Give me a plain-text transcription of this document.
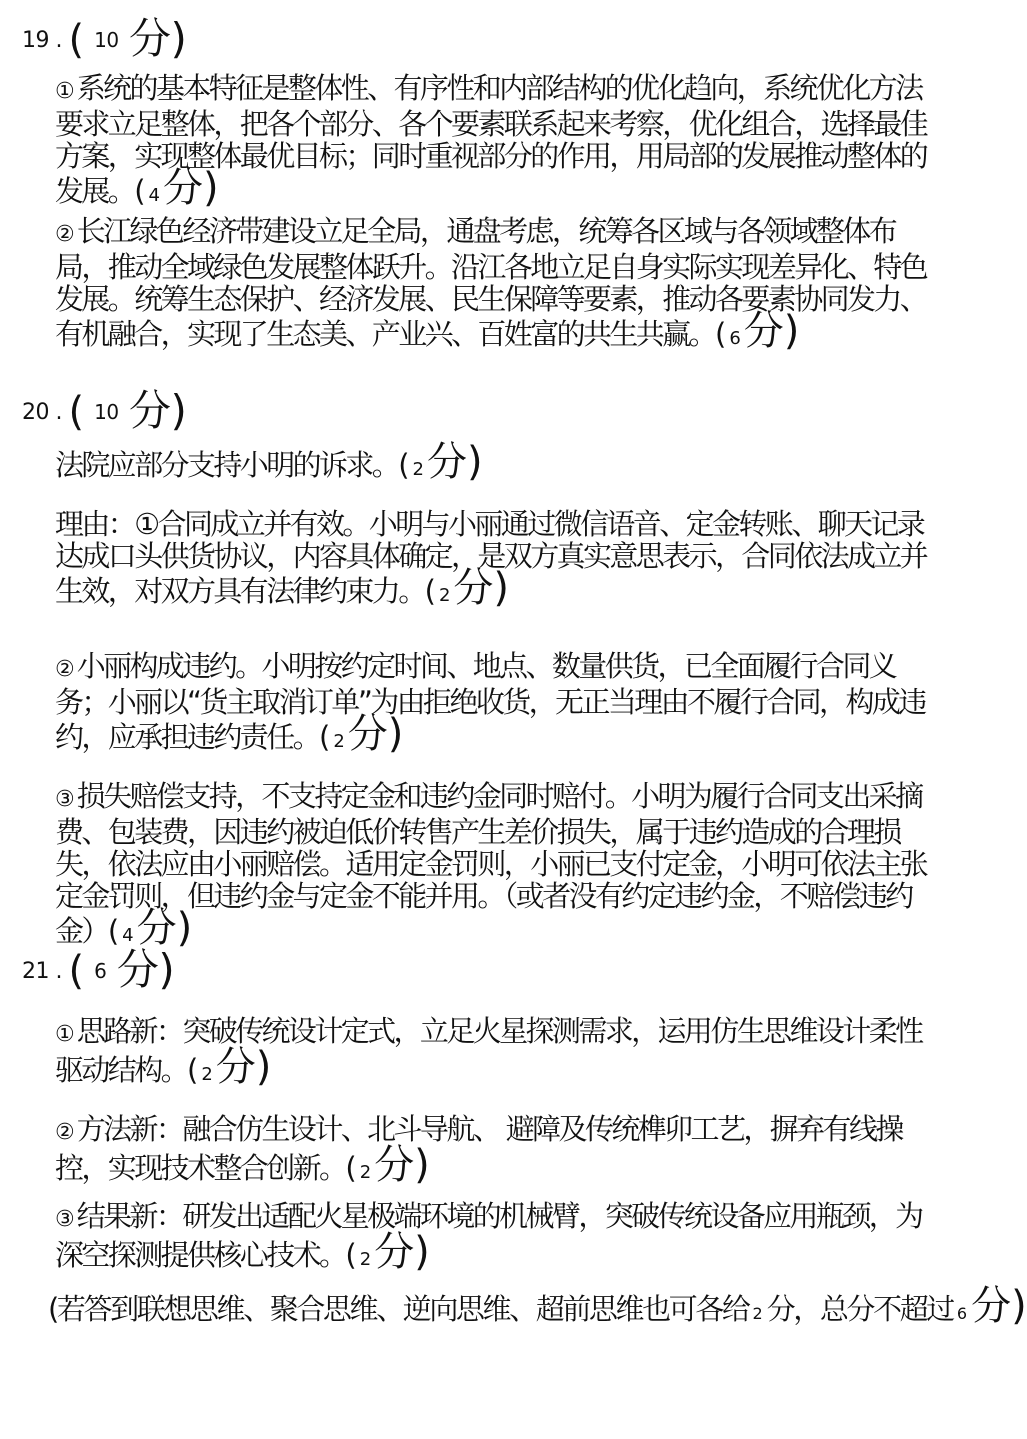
19 . ( 10 分)
①系统的基本特征是整体性、有序性和内部结构的优化趋向，系统优化方法要求立足整体，把各个部分、各个要素联系起来考察，优化组合，选择最佳方案，实现整体最优目标；同时重视部分的作用，用局部的发展推动整体的发展。( 4分)
②长江绿色经济带建设立足全局，通盘考虑，统筹各区域与各领域整体布局，推动全域绿色发展整体跃升。沿江各地立足自身实际实现差异化、特色发展。统筹生态保护、经济发展、民生保障等要素，推动各要素协同发力、有机融合，实现了生态美、产业兴、百姓富的共生共赢。( 6分)
20 . ( 10 分)
法院应部分支持小明的诉求。( 2分)
理由：①合同成立并有效。小明与小丽通过微信语音、定金转账、聊天记录达成口头供货协议，内容具体确定，是双方真实意思表示，合同依法成立并生效，对双方具有法律约束力。( 2分)
②小丽构成违约。小明按约定时间、地点、数量供货，已全面履行合同义务；小丽以“货主取消订单”为由拒绝收货，无正当理由不履行合同，构成违约，应承担违约责任。( 2分)
③损失赔偿支持，不支持定金和违约金同时赔付。小明为履行合同支出采摘费、包装费，因违约被迫低价转售产生差价损失，属于违约造成的合理损失，依法应由小丽赔偿。适用定金罚则，小丽已支付定金，小明可依法主张定金罚则，但违约金与定金不能并用。（或者没有约定违约金，不赔偿违约金）( 4分)
21 . ( 6 分)
①思路新：突破传统设计定式，立足火星探测需求，运用仿生思维设计柔性驱动结构。( 2分)
②方法新：融合仿生设计、北斗导航、 避障及传统榫卯工艺，摒弃有线操控，实现技术整合创新。( 2分)
③结果新：研发出适配火星极端环境的机械臂，突破传统设备应用瓶颈，为深空探测提供核心技术。( 2分)
(若答到联想思维、聚合思维、逆向思维、超前思维也可各给 2 分，总分不超过 6 分)
